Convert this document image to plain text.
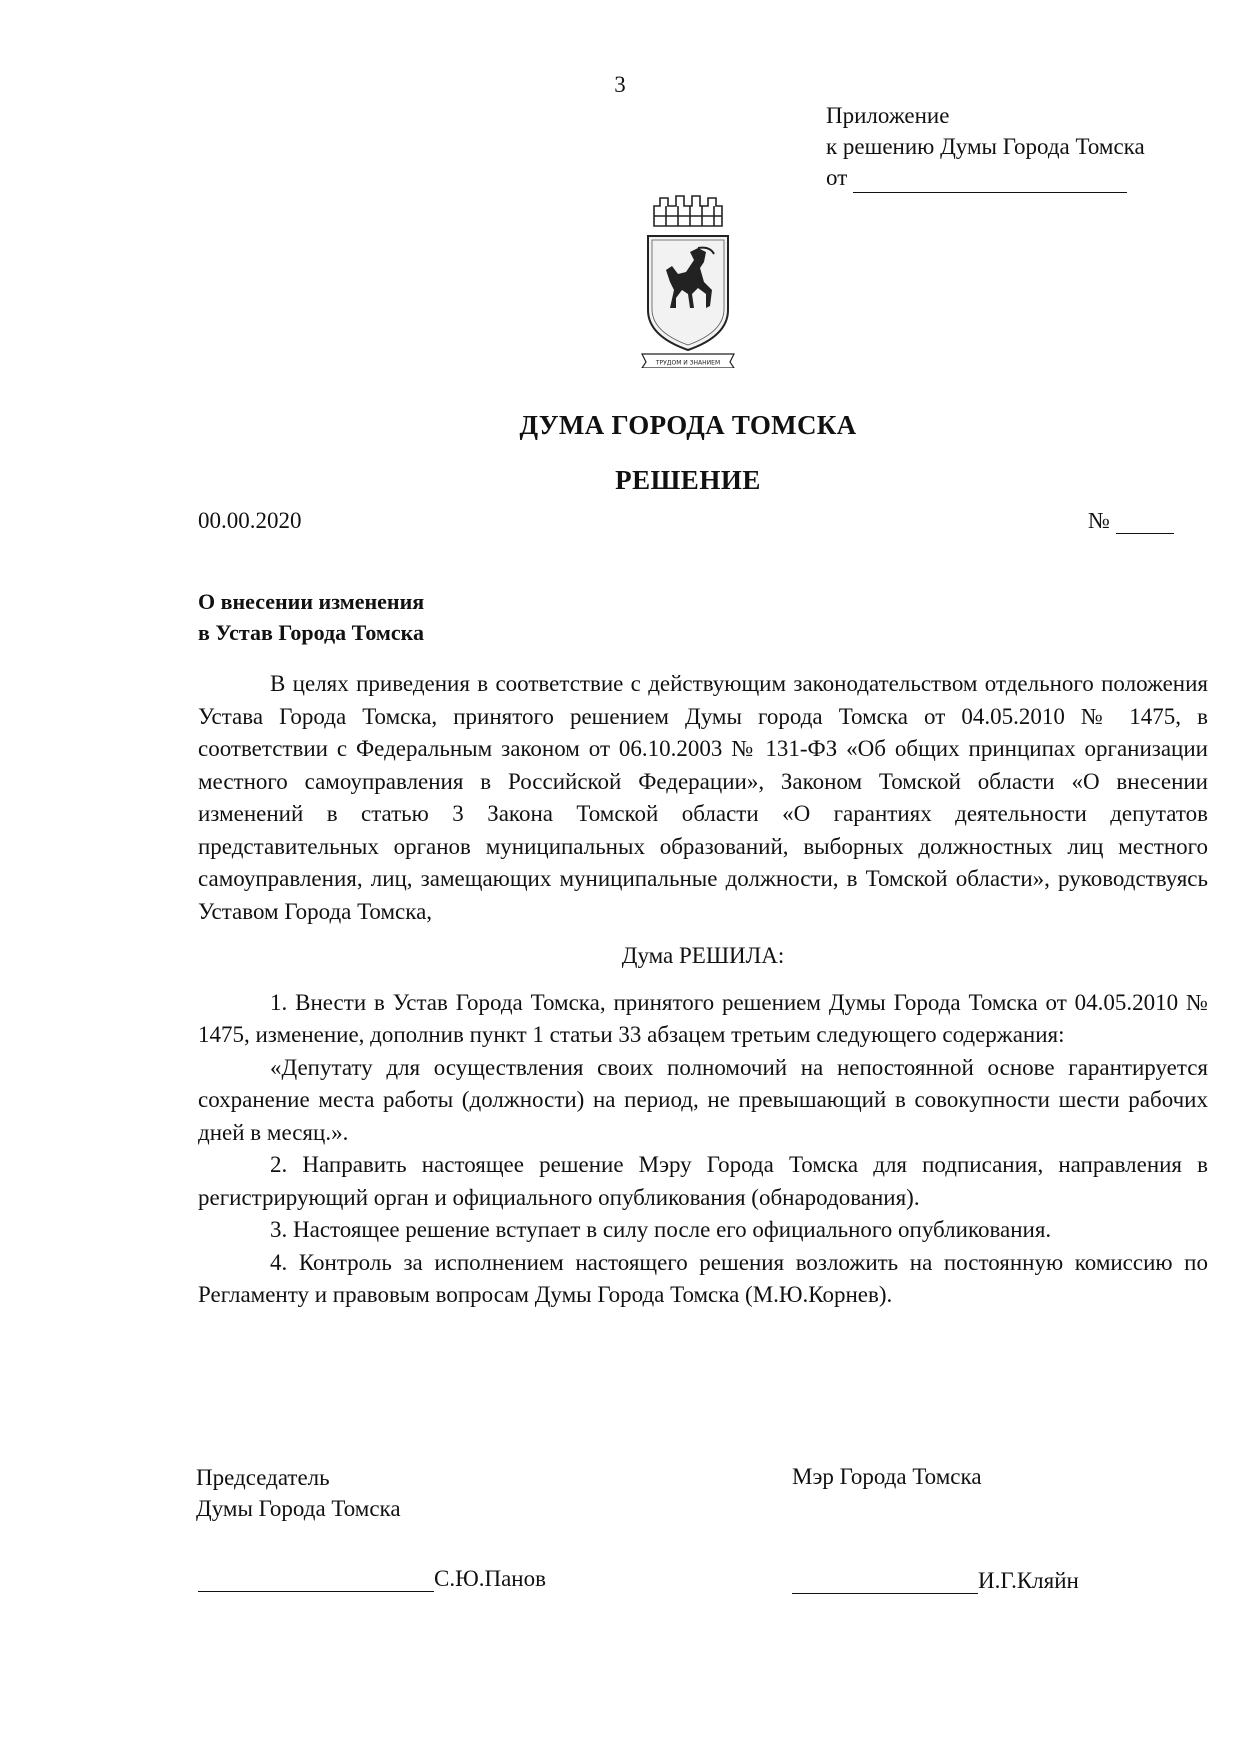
3
Приложение
к решению Думы Города Томска
от
ТРУДОМ И ЗНАНИЕМ
ДУМА ГОРОДА ТОМСКА
РЕШЕНИЕ
00.00.2020	№
О внесении изменения
в Устав Города Томска

В целях приведения в соответствие с действующим законодательством отдельного положения Устава Города Томска, принятого решением Думы города Томска от 04.05.2010 № 1475, в соответствии с Федеральным законом от 06.10.2003 № 131-ФЗ «Об общих принципах организации местного самоуправления в Российской Федерации», Законом Томской области «О внесении изменений в статью 3 Закона Томской области «О гарантиях деятельности депутатов представительных органов муниципальных образований, выборных должностных лиц местного самоуправления, лиц, замещающих муниципальные должности, в Томской области», руководствуясь Уставом Города Томска,

Дума РЕШИЛА:

1. Внести в Устав Города Томска, принятого решением Думы Города Томска от 04.05.2010 № 1475, изменение, дополнив пункт 1 статьи 33 абзацем третьим следующего содержания:

«Депутату для осуществления своих полномочий на непостоянной основе гарантируется сохранение места работы (должности) на период, не превышающий в совокупности шести рабочих дней в месяц.».

2. Направить настоящее решение Мэру Города Томска для подписания, направления в регистрирующий орган и официального опубликования (обнародования).

3. Настоящее решение вступает в силу после его официального опубликования.

4. Контроль за исполнением настоящего решения возложить на постоянную комиссию по Регламенту и правовым вопросам Думы Города Томска (М.Ю.Корнев).

Председатель
Думы Города Томска
Мэр Города Томска
С.Ю.Панов	И.Г.Кляйн
